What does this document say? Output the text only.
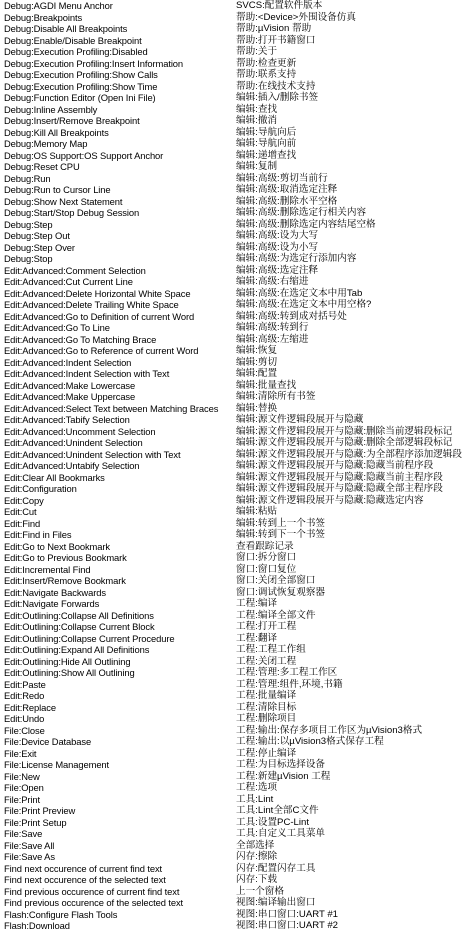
Debug:AGDI Menu Anchor	SVCS:配置软件版本
Debug:Breakpoints	帮助:<Device>外围设备仿真
Debug:Disable All Breakpoints	帮助:µVision 帮助
Debug:Enable/Disable Breakpoint	帮助:打开书籍窗口
Debug:Execution Profiling:Disabled	帮助:关于
Debug:Execution Profiling:Insert Information	帮助:检查更新
Debug:Execution Profiling:Show Calls	帮助:联系支持
Debug:Execution Profiling:Show Time	帮助:在线技术支持
Debug:Function Editor (Open Ini File)	编辑:插入/删除书签
Debug:Inline Assembly	编辑:查找
Debug:Insert/Remove Breakpoint	编辑:撤消
Debug:Kill All Breakpoints	编辑:导航向后
Debug:Memory Map	编辑:导航向前
Debug:OS Support:OS Support Anchor	编辑:递增查找
Debug:Reset CPU	编辑:复制
Debug:Run	编辑:高级:剪切当前行
Debug:Run to Cursor Line	编辑:高级:取消选定注释
Debug:Show Next Statement	编辑:高级:删除水平空格
Debug:Start/Stop Debug Session	编辑:高级:删除选定行相关内容
Debug:Step	编辑:高级:删除选定内容结尾空格
Debug:Step Out	编辑:高级:设为大写
Debug:Step Over	编辑:高级:设为小写
Debug:Stop	编辑:高级:为选定行添加内容
Edit:Advanced:Comment Selection	编辑:高级:选定注释
Edit:Advanced:Cut Current Line	编辑:高级:右缩进
Edit:Advanced:Delete Horizontal White Space	编辑:高级:在选定文本中用Tab
Edit:Advanced:Delete Trailing White Space	编辑:高级:在选定文本中用空格?
Edit:Advanced:Go to Definition of current Word	编辑:高级:转到成对括号处
Edit:Advanced:Go To Line	编辑:高级:转到行
Edit:Advanced:Go To Matching Brace	编辑:高级:左缩进
Edit:Advanced:Go to Reference of current Word	编辑:恢复
Edit:Advanced:Indent Selection	编辑:剪切
Edit:Advanced:Indent Selection with Text	编辑:配置
Edit:Advanced:Make Lowercase	编辑:批量查找
Edit:Advanced:Make Uppercase	编辑:清除所有书签
Edit:Advanced:Select Text between Matching Braces 编辑:替换
Edit:Advanced:Tabify Selection	编辑:源文件逻辑段展开与隐藏
Edit:Advanced:Uncomment Selection	编辑:源文件逻辑段展开与隐藏:删除当前逻辑段标记
Edit:Advanced:Unindent Selection	编辑:源文件逻辑段展开与隐藏:删除全部逻辑段标记
Edit:Advanced:Unindent Selection with Text	编辑:源文件逻辑段展开与隐藏:为全部程序添加逻辑段
Edit:Advanced:Untabify Selection	编辑:源文件逻辑段展开与隐藏:隐藏当前程序段
Edit:Clear All Bookmarks	编辑:源文件逻辑段展开与隐藏:隐藏当前主程序段
Edit:Configuration	编辑:源文件逻辑段展开与隐藏:隐藏全部主程序段
Edit:Copy	编辑:源文件逻辑段展开与隐藏:隐藏选定内容
Edit:Cut	编辑:粘贴
Edit:Find	编辑:转到上一个书签
Edit:Find in Files	编辑:转到下一个书签
Edit:Go to Next Bookmark	查看跟踪记录
Edit:Go to Previous Bookmark	窗口:拆分窗口
Edit:Incremental Find	窗口:窗口复位
Edit:Insert/Remove Bookmark	窗口:关闭全部窗口
Edit:Navigate Backwards	窗口:调试恢复观察器
Edit:Navigate Forwards	工程:编译
Edit:Outlining:Collapse All Definitions	工程:编译全部文件
Edit:Outlining:Collapse Current Block	工程:打开工程
Edit:Outlining:Collapse Current Procedure	工程:翻译
Edit:Outlining:Expand All Definitions	工程:工程工作组
Edit:Outlining:Hide All Outlining	工程:关闭工程
Edit:Outlining:Show All Outlining	工程:管理:多工程工作区
Edit:Paste	工程:管理:组件,环境,书籍
Edit:Redo	工程:批量编译
Edit:Replace	工程:清除目标
Edit:Undo	工程:删除项目
File:Close	工程:输出:保存多项目工作区为µVision3格式
File:Device Database	工程:输出:以µVision3格式保存工程
File:Exit	工程:停止编译
File:License Management	工程:为目标选择设备
File:New	工程:新建µVision 工程
File:Open	工程:选项
File:Print	工具:Lint
File:Print Preview	工具:Lint全部C文件
File:Print Setup	工具:设置PC-Lint
File:Save	工具:自定义工具菜单
File:Save All	全部选择
File:Save As	闪存:擦除
Find next occurence of current find text	闪存:配置闪存工具
Find next occurence of the selected text	闪存:下载
Find previous occurence of current find text	上一个窗格
Find previous occurence of the selected text	视图:编译输出窗口
Flash:Configure Flash Tools	视图:串口窗口:UART #1
Flash:Download	视图:串口窗口:UART #2
